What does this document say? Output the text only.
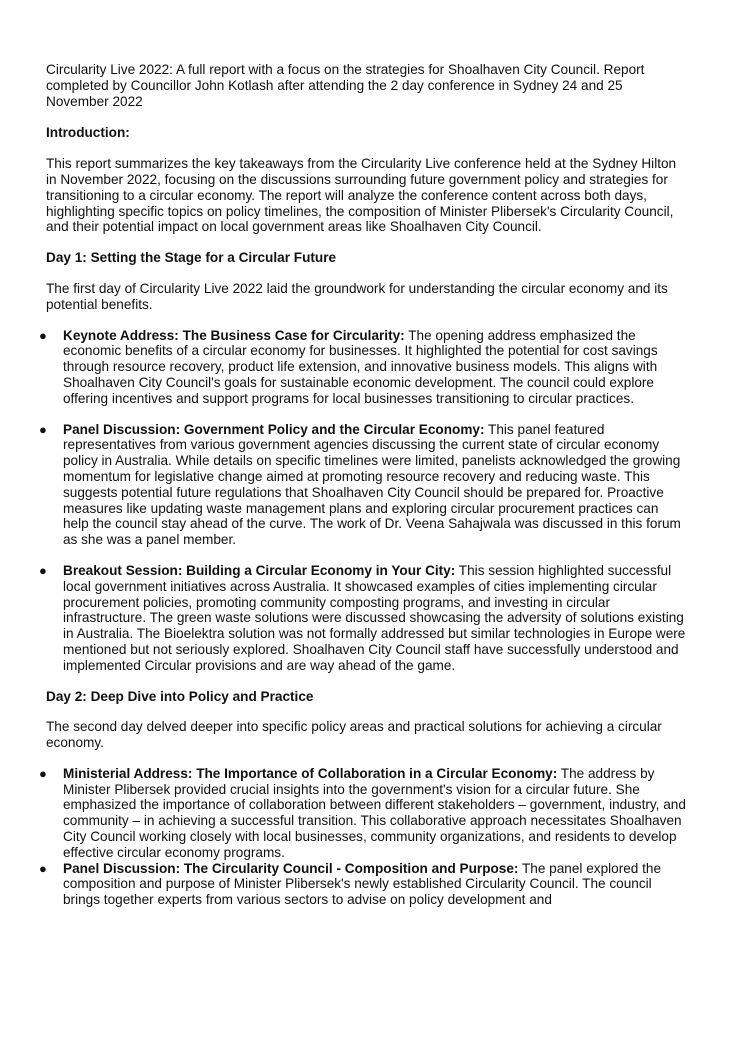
Circularity Live 2022: A full report with a focus on the strategies for Shoalhaven City Council. Report completed by Councillor John Kotlash after attending the 2 day conference in Sydney 24 and 25 November 2022

Introduction:

This report summarizes the key takeaways from the Circularity Live conference held at the Sydney Hilton in November 2022, focusing on the discussions surrounding future government policy and strategies for transitioning to a circular economy. The report will analyze the conference content across both days, highlighting specific topics on policy timelines, the composition of Minister Plibersek's Circularity Council, and their potential impact on local government areas like Shoalhaven City Council.

Day 1: Setting the Stage for a Circular Future

The first day of Circularity Live 2022 laid the groundwork for understanding the circular economy and its potential benefits.

● Keynote Address: The Business Case for Circularity: The opening address emphasized the economic benefits of a circular economy for businesses. It highlighted the potential for cost savings through resource recovery, product life extension, and innovative business models. This aligns with Shoalhaven City Council's goals for sustainable economic development. The council could explore offering incentives and support programs for local businesses transitioning to circular practices.
● Panel Discussion: Government Policy and the Circular Economy: This panel featured representatives from various government agencies discussing the current state of circular economy policy in Australia. While details on specific timelines were limited, panelists acknowledged the growing momentum for legislative change aimed at promoting resource recovery and reducing waste. This suggests potential future regulations that Shoalhaven City Council should be prepared for. Proactive measures like updating waste management plans and exploring circular procurement practices can help the council stay ahead of the curve. The work of Dr. Veena Sahajwala was discussed in this forum as she was a panel member.
● Breakout Session: Building a Circular Economy in Your City: This session highlighted successful local government initiatives across Australia. It showcased examples of cities implementing circular procurement policies, promoting community composting programs, and investing in circular infrastructure. The green waste solutions were discussed showcasing the adversity of solutions existing in Australia. The Bioelektra solution was not formally addressed but similar technologies in Europe were mentioned but not seriously explored. Shoalhaven City Council staff have successfully understood and implemented Circular provisions and are way ahead of the game.

Day 2: Deep Dive into Policy and Practice

The second day delved deeper into specific policy areas and practical solutions for achieving a circular economy.

● Ministerial Address: The Importance of Collaboration in a Circular Economy: The address by Minister Plibersek provided crucial insights into the government's vision for a circular future. She emphasized the importance of collaboration between different stakeholders – government, industry, and community – in achieving a successful transition. This collaborative approach necessitates Shoalhaven City Council working closely with local businesses, community organizations, and residents to develop effective circular economy programs.
● Panel Discussion: The Circularity Council - Composition and Purpose: The panel explored the composition and purpose of Minister Plibersek's newly established Circularity Council. The council brings together experts from various sectors to advise on policy development and
